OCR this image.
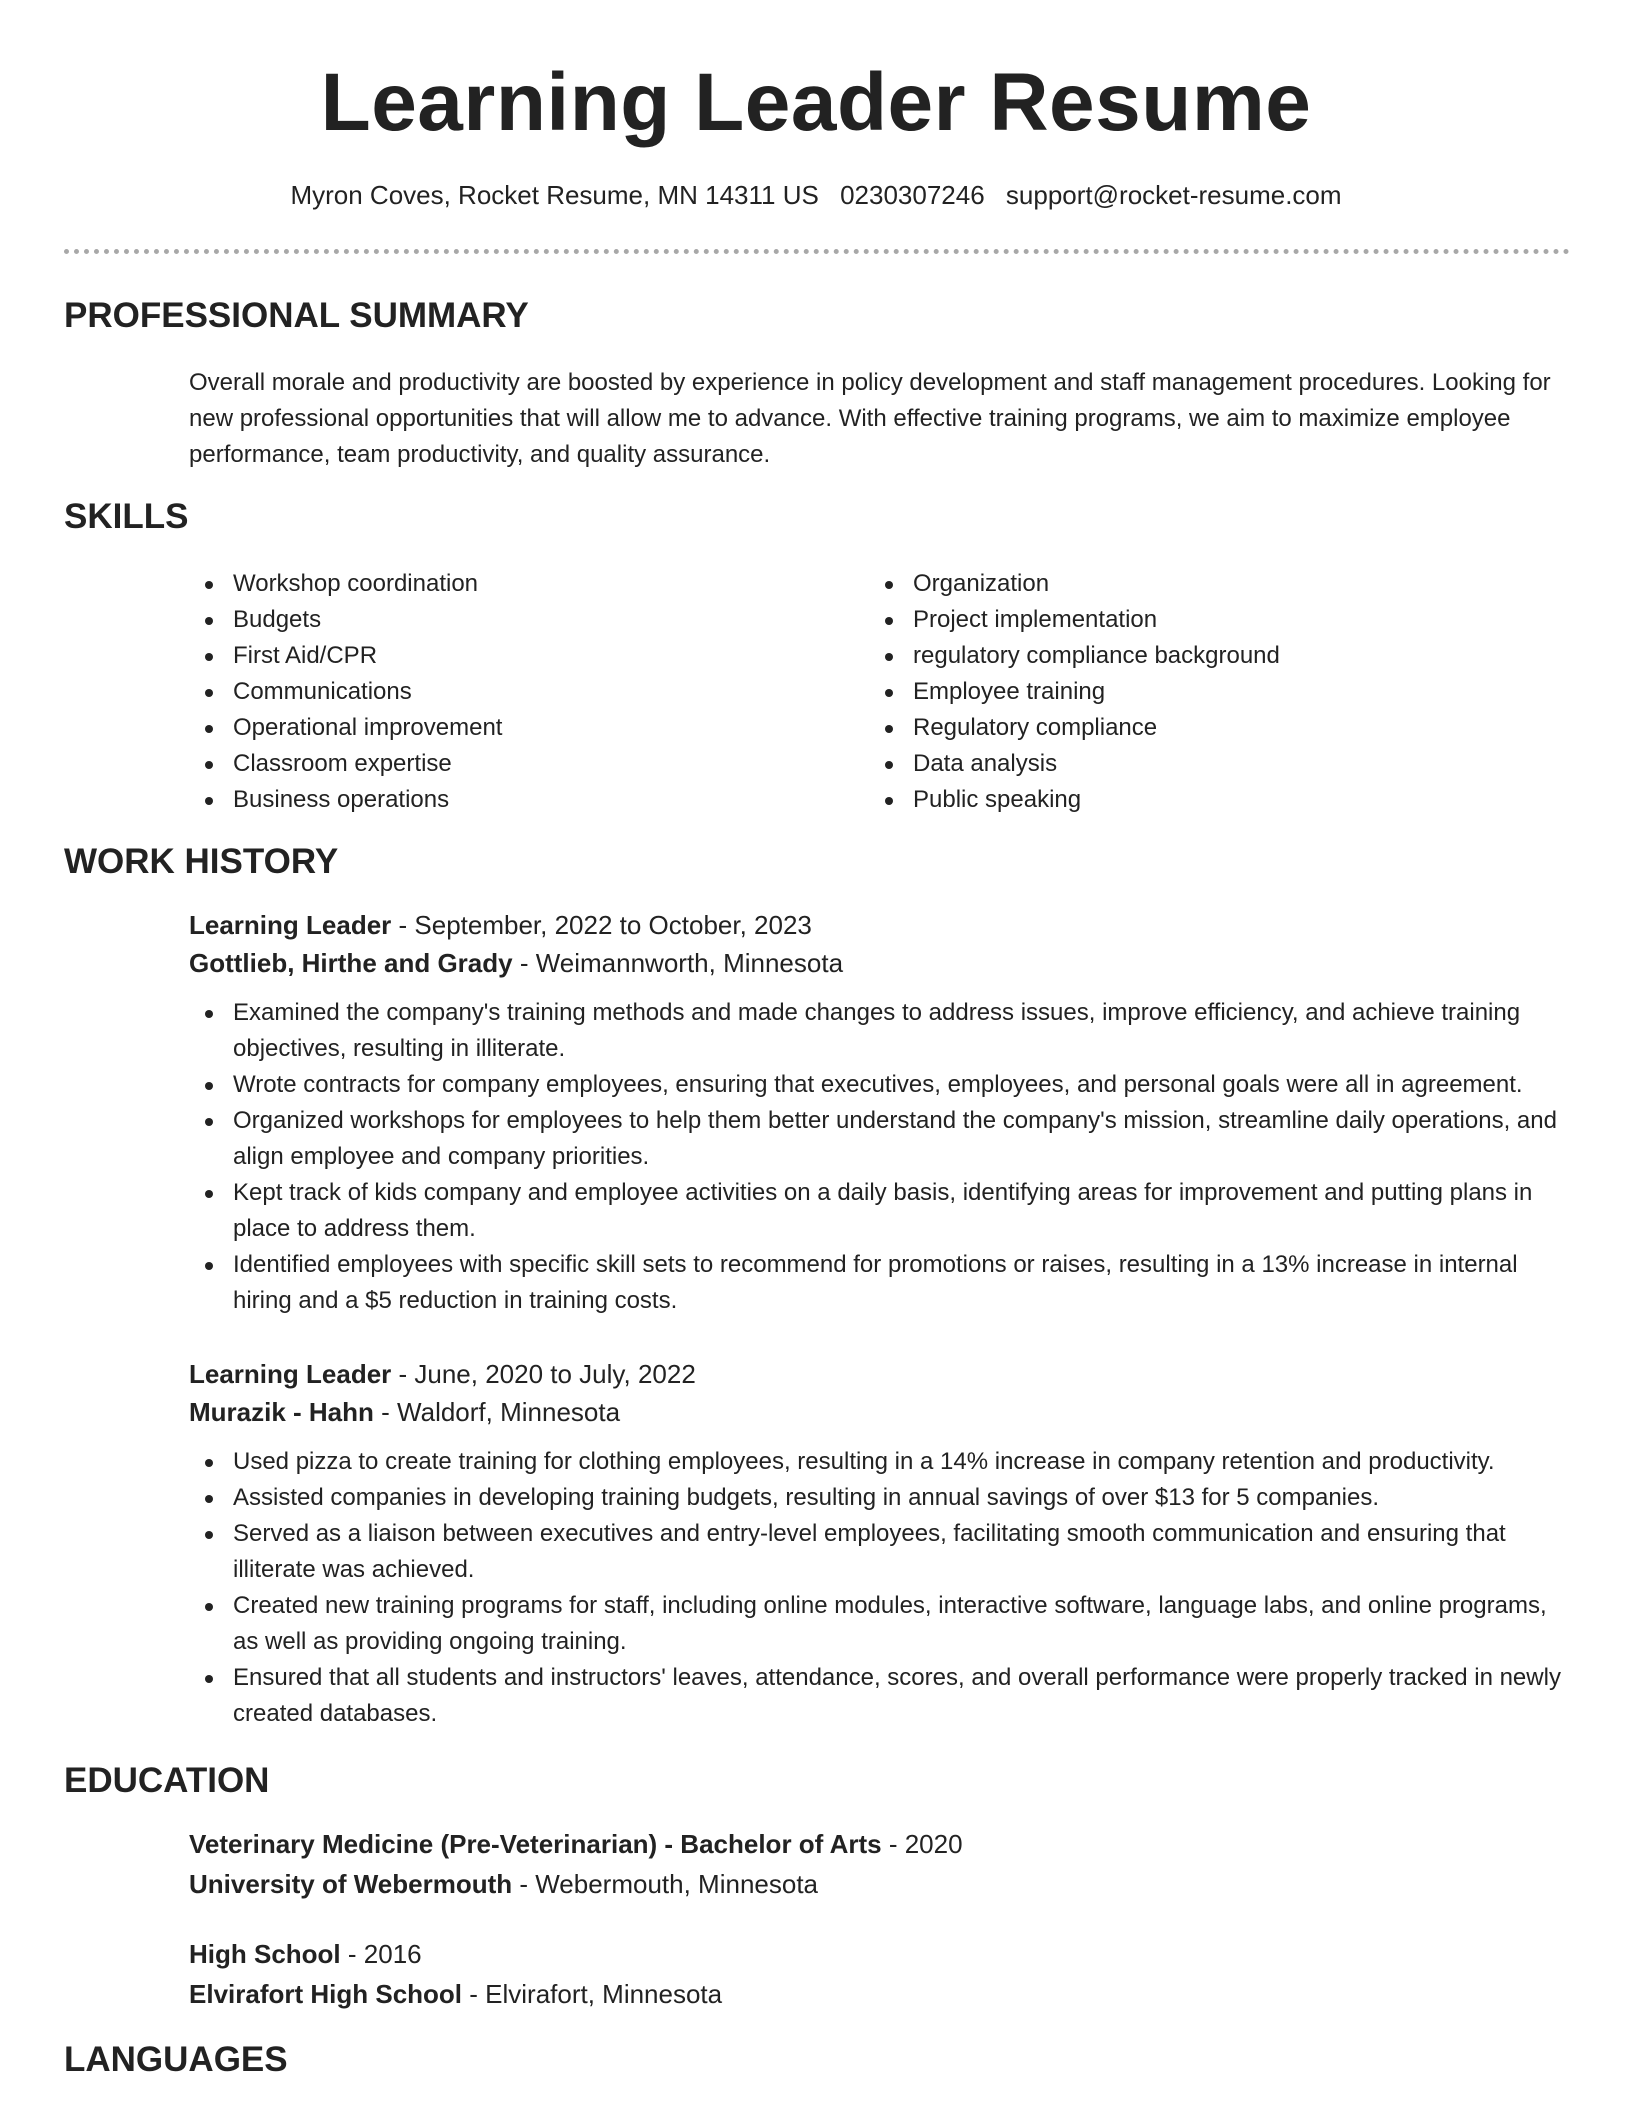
Learning Leader Resume
Myron Coves, Rocket Resume, MN 14311 US 0230307246 support@rocket-resume.com
PROFESSIONAL SUMMARY

Overall morale and productivity are boosted by experience in policy development and staff management procedures. Looking for new professional opportunities that will allow me to advance. With effective training programs, we aim to maximize employee performance, team productivity, and quality assurance.

SKILLS
Workshop coordination
Budgets
First Aid/CPR
Communications
Operational improvement
Classroom expertise
Business operations
Organization
Project implementation
regulatory compliance background
Employee training
Regulatory compliance
Data analysis
Public speaking
WORK HISTORY
Learning Leader - September, 2022 to October, 2023
Gottlieb, Hirthe and Grady - Weimannworth, Minnesota
Examined the company's training methods and made changes to address issues, improve efficiency, and achieve training objectives, resulting in illiterate.
Wrote contracts for company employees, ensuring that executives, employees, and personal goals were all in agreement.
Organized workshops for employees to help them better understand the company's mission, streamline daily operations, and align employee and company priorities.
Kept track of kids company and employee activities on a daily basis, identifying areas for improvement and putting plans in place to address them.
Identified employees with specific skill sets to recommend for promotions or raises, resulting in a 13% increase in internal hiring and a $5 reduction in training costs.
Learning Leader - June, 2020 to July, 2022
Murazik - Hahn - Waldorf, Minnesota
Used pizza to create training for clothing employees, resulting in a 14% increase in company retention and productivity.
Assisted companies in developing training budgets, resulting in annual savings of over $13 for 5 companies.
Served as a liaison between executives and entry-level employees, facilitating smooth communication and ensuring that illiterate was achieved.
Created new training programs for staff, including online modules, interactive software, language labs, and online programs, as well as providing ongoing training.
Ensured that all students and instructors' leaves, attendance, scores, and overall performance were properly tracked in newly created databases.
EDUCATION
Veterinary Medicine (Pre-Veterinarian) - Bachelor of Arts - 2020
University of Webermouth - Webermouth, Minnesota
High School - 2016
Elvirafort High School - Elvirafort, Minnesota
LANGUAGES
